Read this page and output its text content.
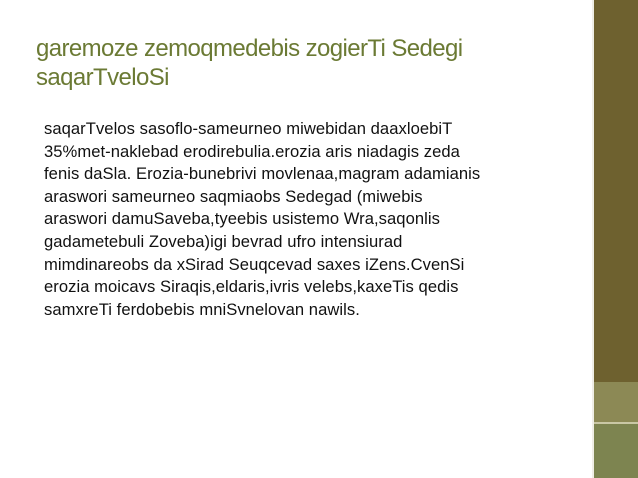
garemoze zemoqmedebis zogierTi Sedegi
saqarTveloSi
saqarTvelos sasoflo-sameurneo miwebidan daaxloebiT
35%met-naklebad erodirebulia.erozia aris niadagis zeda
fenis daSla. Erozia-bunebrivi movlenaa,magram adamianis
araswori sameurneo saqmiaobs Sedegad (miwebis
araswori damuSaveba,tyeebis usistemo Wra,saqonlis
gadametebuli Zoveba)igi bevrad ufro intensiurad
mimdinareobs da xSirad Seuqcevad saxes iZens.CvenSi
erozia moicavs Siraqis,eldaris,ivris velebs,kaxeTis qedis
samxreTi ferdobebis mniSvnelovan nawils.
